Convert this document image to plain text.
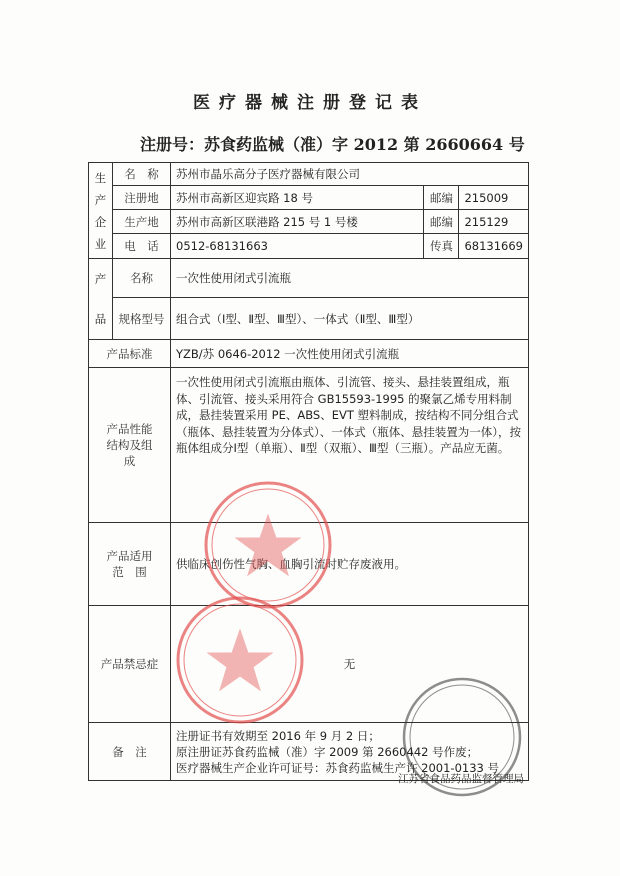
医疗器械注册登记表
注册号：苏食药监械（准）字 2012 第 2660664 号
生产企业	名　称	苏州市晶乐高分子医疗器械有限公司		
	注册地	苏州市高新区迎宾路 18 号	邮编	215009
	生产地	苏州市高新区联港路 215 号 1 号楼	邮编	215129
	电　话	0512-68131663	传真	68131669
产品	名称	一次性使用闭式引流瓶		
	规格型号	组合式（Ⅰ型、Ⅱ型、Ⅲ型）、一体式（Ⅱ型、Ⅲ型）		
产品标准		YZB/苏 0646-2012 一次性使用闭式引流瓶		
产品性能结构及组成		一次性使用闭式引流瓶由瓶体、引流管、接头、悬挂装置组成，瓶体、引流管、接头采用符合 GB15593-1995 的聚氯乙烯专用料制成，悬挂装置采用 PE、ABS、EVT 塑料制成，按结构不同分组合式（瓶体、悬挂装置为分体式）、一体式（瓶体、悬挂装置为一体），按瓶体组成分Ⅰ型（单瓶）、Ⅱ型（双瓶）、Ⅲ型（三瓶）。产品应无菌。		
产品适用范　围		供临床创伤性气胸、血胸引流时贮存废液用。		
产品禁忌症		无		
备　注		注册证书有效期至 2016 年 9 月 2 日；
原注册证苏食药监械（准）字 2009 第 2660442 号作废；
医疗器械生产企业许可证号：苏食药监械生产许 2001-0133 号		
江苏省食品药品监督管理局
